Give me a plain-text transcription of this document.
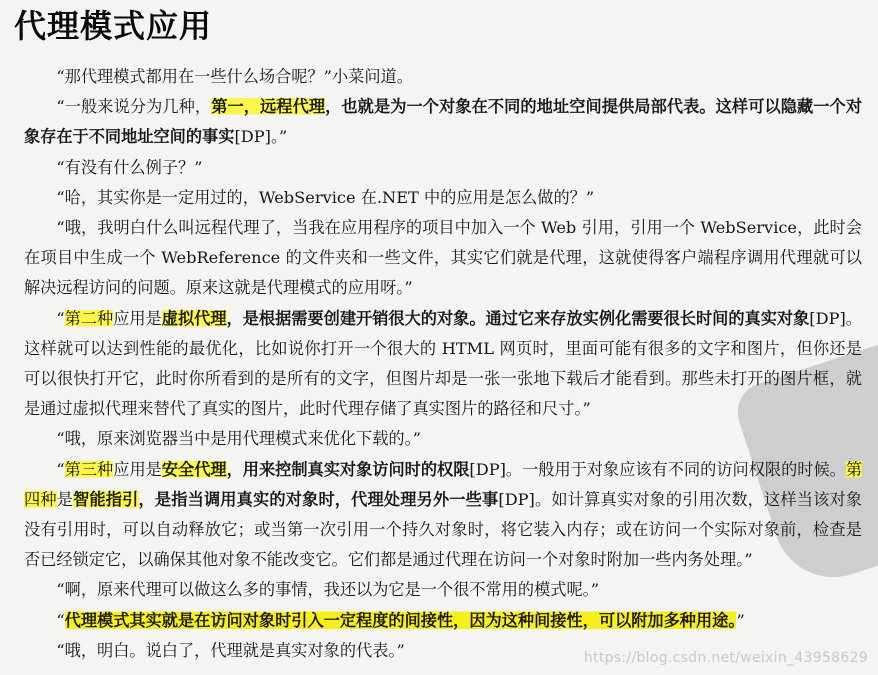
代理模式应用

“那代理模式都用在一些什么场合呢？”小菜问道。

“一般来说分为几种，第一，远程代理，也就是为一个对象在不同的地址空间提供局部代表。这样可以隐藏一个对象存在于不同地址空间的事实[DP]。”

“有没有什么例子？”

“哈，其实你是一定用过的，WebService 在.NET 中的应用是怎么做的？”

“哦，我明白什么叫远程代理了，当我在应用程序的项目中加入一个 Web 引用，引用一个 WebService，此时会在项目中生成一个 WebReference 的文件夹和一些文件，其实它们就是代理，这就使得客户端程序调用代理就可以解决远程访问的问题。原来这就是代理模式的应用呀。”

“第二种应用是虚拟代理，是根据需要创建开销很大的对象。通过它来存放实例化需要很长时间的真实对象[DP]。这样就可以达到性能的最优化，比如说你打开一个很大的 HTML 网页时，里面可能有很多的文字和图片，但你还是可以很快打开它，此时你所看到的是所有的文字，但图片却是一张一张地下载后才能看到。那些未打开的图片框，就是通过虚拟代理来替代了真实的图片，此时代理存储了真实图片的路径和尺寸。”

“哦，原来浏览器当中是用代理模式来优化下载的。”

“第三种应用是安全代理，用来控制真实对象访问时的权限[DP]。一般用于对象应该有不同的访问权限的时候。第四种是智能指引，是指当调用真实的对象时，代理处理另外一些事[DP]。如计算真实对象的引用次数，这样当该对象没有引用时，可以自动释放它；或当第一次引用一个持久对象时，将它装入内存；或在访问一个实际对象前，检查是否已经锁定它，以确保其他对象不能改变它。它们都是通过代理在访问一个对象时附加一些内务处理。”

“啊，原来代理可以做这么多的事情，我还以为它是一个很不常用的模式呢。”

“代理模式其实就是在访问对象时引入一定程度的间接性，因为这种间接性，可以附加多种用途。”

“哦，明白。说白了，代理就是真实对象的代表。”	https://blog.csdn.net/weixin_43958629
